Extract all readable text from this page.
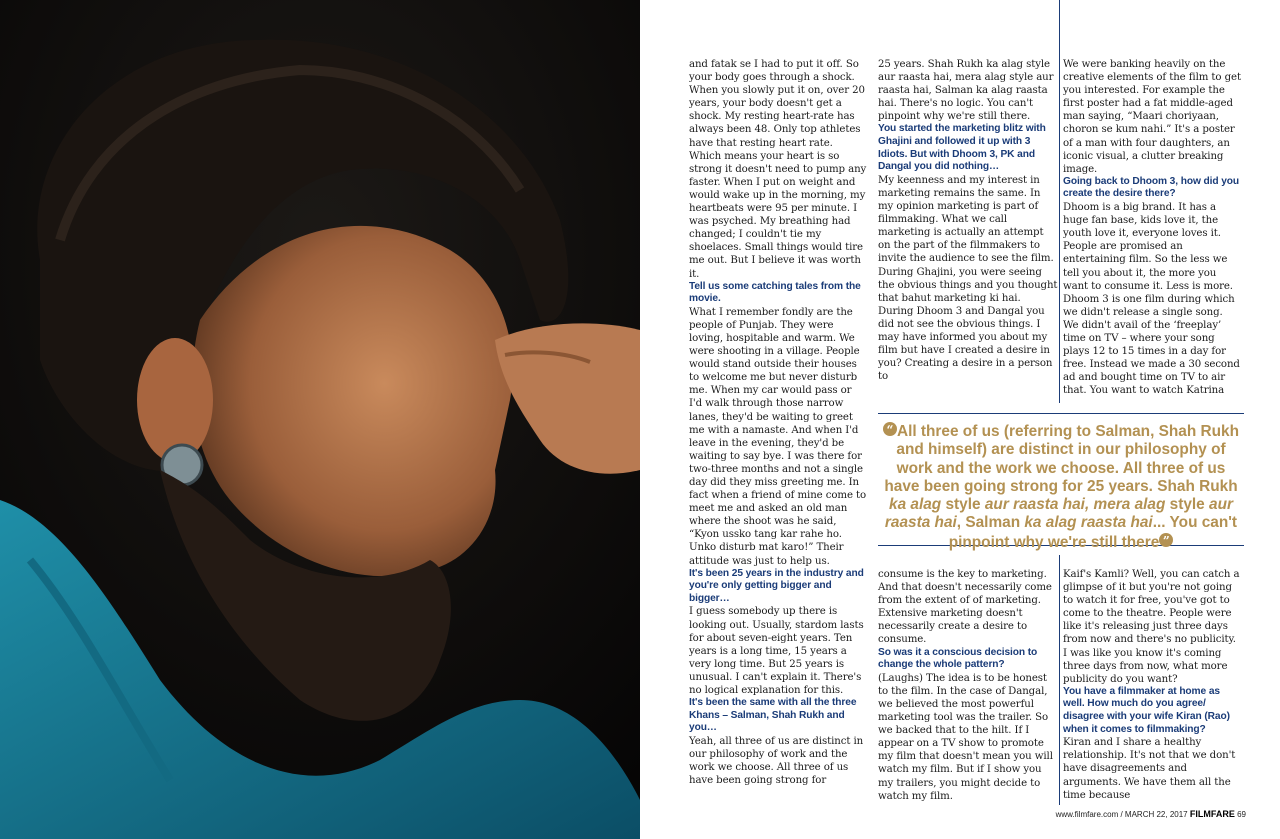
and fatak se I had to put it off. So your body goes through a shock. When you slowly put it on, over 20 years, your body doesn't get a shock. My resting heart-rate has always been 48. Only top athletes have that resting heart rate. Which means your heart is so strong it doesn't need to pump any faster. When I put on weight and would wake up in the morning, my heartbeats were 95 per minute. I was psyched. My breathing had changed; I couldn't tie my shoelaces. Small things would tire me out. But I believe it was worth it.

Tell us some catching tales from the movie.

What I remember fondly are the people of Punjab. They were loving, hospitable and warm. We were shooting in a village. People would stand outside their houses to welcome me but never disturb me. When my car would pass or I'd walk through those narrow lanes, they'd be waiting to greet me with a namaste. And when I'd leave in the evening, they'd be waiting to say bye. I was there for two-three months and not a single day did they miss greeting me. In fact when a friend of mine come to meet me and asked an old man where the shoot was he said, “Kyon ussko tang kar rahe ho. Unko disturb mat karo!” Their attitude was just to help us.

It's been 25 years in the industry and you're only getting bigger and bigger…

I guess somebody up there is looking out. Usually, stardom lasts for about seven-eight years. Ten years is a long time, 15 years a very long time. But 25 years is unusual. I can't explain it. There's no logical explanation for this.

It's been the same with all the three Khans – Salman, Shah Rukh and you…

Yeah, all three of us are distinct in our philosophy of work and the work we choose. All three of us have been going strong for

25 years. Shah Rukh ka alag style aur raasta hai, mera alag style aur raasta hai, Salman ka alag raasta hai. There's no logic. You can't pinpoint why we're still there.

You started the marketing blitz with Ghajini and followed it up with 3 Idiots. But with Dhoom 3, PK and Dangal you did nothing…

My keenness and my interest in marketing remains the same. In my opinion marketing is part of filmmaking. What we call marketing is actually an attempt on the part of the filmmakers to invite the audience to see the film. During Ghajini, you were seeing the obvious things and you thought that bahut marketing ki hai. During Dhoom 3 and Dangal you did not see the obvious things. I may have informed you about my film but have I created a desire in you? Creating a desire in a person to

We were banking heavily on the creative elements of the film to get you interested. For example the first poster had a fat middle-aged man saying, “Maari choriyaan, choron se kum nahi.” It's a poster of a man with four daughters, an iconic visual, a clutter breaking image.

Going back to Dhoom 3, how did you create the desire there?

Dhoom is a big brand. It has a huge fan base, kids love it, the youth love it, everyone loves it. People are promised an entertaining film. So the less we tell you about it, the more you want to consume it. Less is more. Dhoom 3 is one film during which we didn't release a single song. We didn't avail of the ‘freeplay’ time on TV – where your song plays 12 to 15 times in a day for free. Instead we made a 30 second ad and bought time on TV to air that. You want to watch Katrina

“ All three of us (referring to Salman, Shah Rukh and himself) are distinct in our philosophy of work and the work we choose. All three of us have been going strong for 25 years. Shah Rukh ka alag style aur raasta hai, mera alag style aur raasta hai, Salman ka alag raasta hai... You can't pinpoint why we're still there ”

consume is the key to marketing. And that doesn't necessarily come from the extent of of marketing. Extensive marketing doesn't necessarily create a desire to consume.

So was it a conscious decision to change the whole pattern?

(Laughs) The idea is to be honest to the film. In the case of Dangal, we believed the most powerful marketing tool was the trailer. So we backed that to the hilt. If I appear on a TV show to promote my film that doesn't mean you will watch my film. But if I show you my trailers, you might decide to watch my film.

Kaif's Kamli? Well, you can catch a glimpse of it but you're not going to watch it for free, you've got to come to the theatre. People were like it's releasing just three days from now and there's no publicity. I was like you know it's coming three days from now, what more publicity do you want?

You have a filmmaker at home as well. How much do you agree/ disagree with your wife Kiran (Rao) when it comes to filmmaking?

Kiran and I share a healthy relationship. It's not that we don't have disagreements and arguments. We have them all the time because

www.filmfare.com / MARCH 22, 2017 FILMFARE 69
